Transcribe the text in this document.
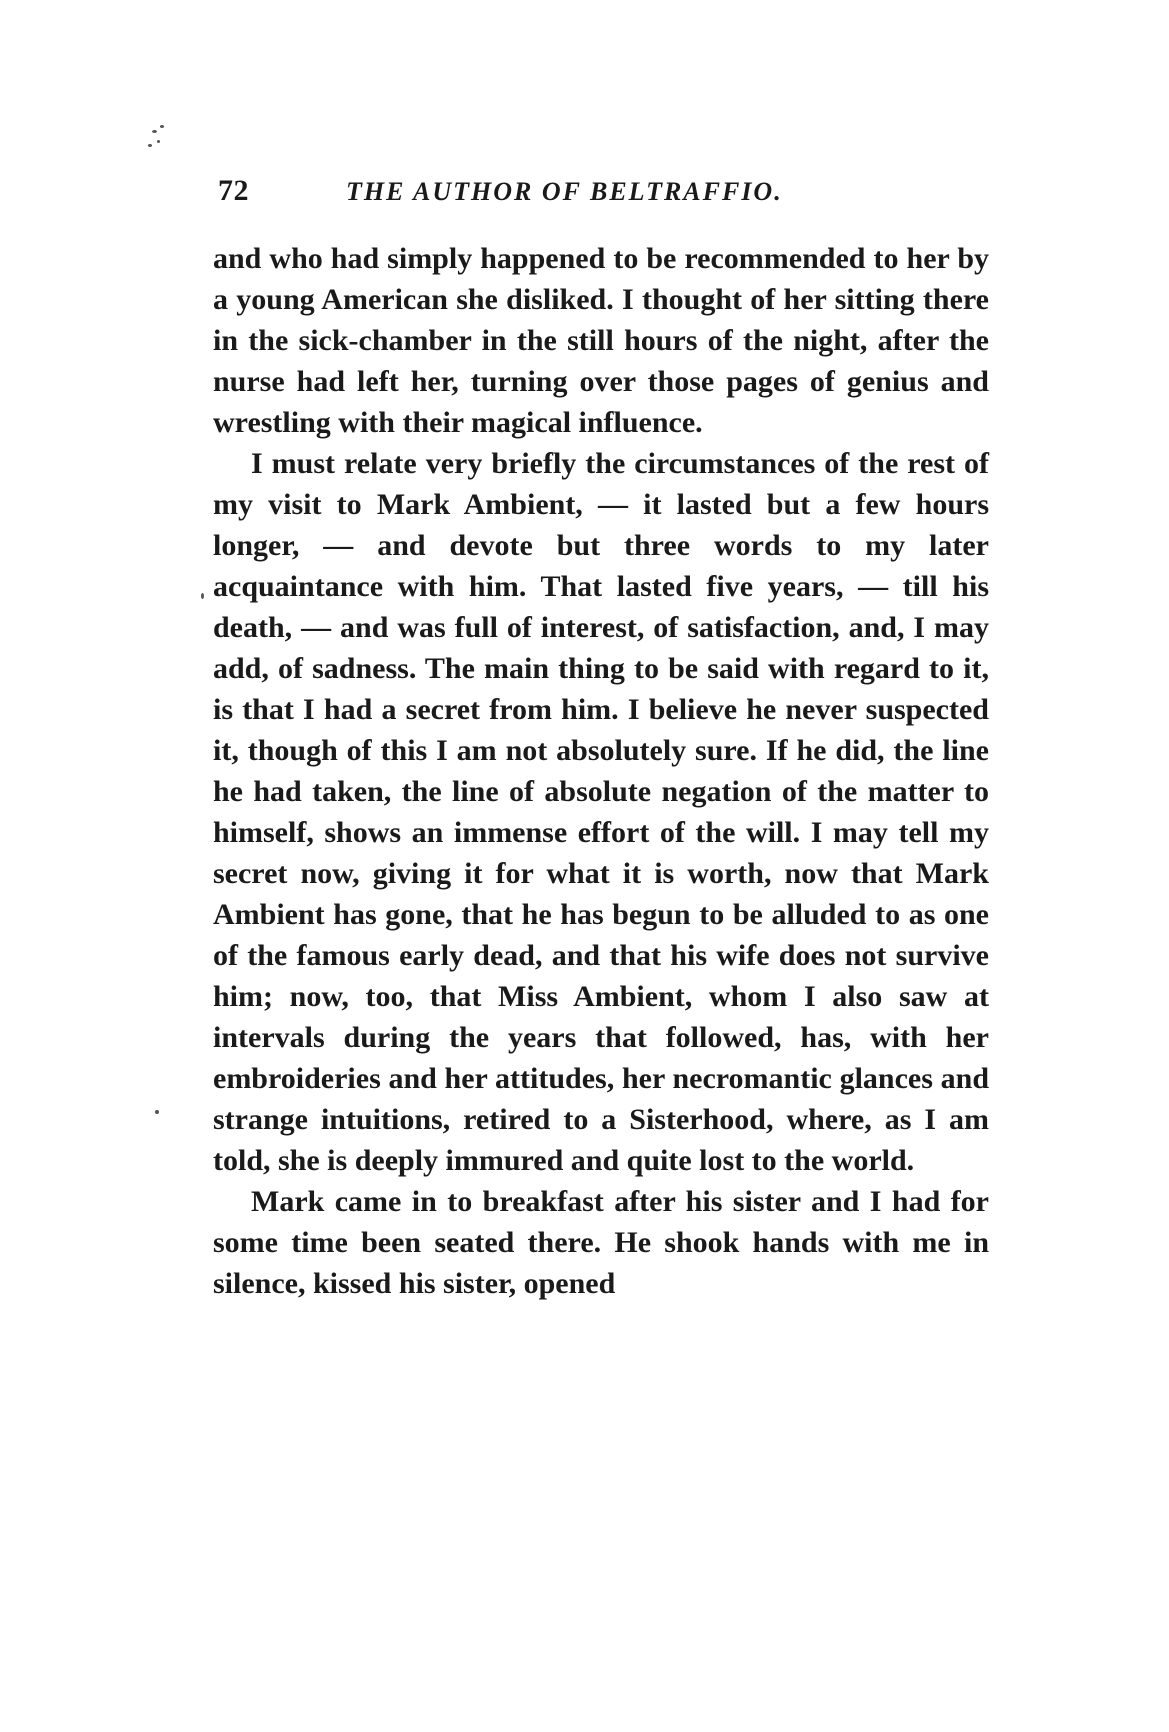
72	THE AUTHOR OF BELTRAFFIO.

and who had simply happened to be recommended to her by a young American she disliked. I thought of her sitting there in the sick-chamber in the still hours of the night, after the nurse had left her, turning over those pages of genius and wrestling with their magical influence.

I must relate very briefly the circumstances of the rest of my visit to Mark Ambient, — it lasted but a few hours longer, — and devote but three words to my later acquaintance with him. That lasted five years, — till his death, — and was full of interest, of satisfaction, and, I may add, of sadness. The main thing to be said with regard to it, is that I had a secret from him. I believe he never suspected it, though of this I am not absolutely sure. If he did, the line he had taken, the line of absolute negation of the matter to himself, shows an immense effort of the will. I may tell my secret now, giving it for what it is worth, now that Mark Ambient has gone, that he has begun to be alluded to as one of the famous early dead, and that his wife does not survive him; now, too, that Miss Ambient, whom I also saw at intervals during the years that followed, has, with her embroideries and her attitudes, her necromantic glances and strange intuitions, retired to a Sisterhood, where, as I am told, she is deeply immured and quite lost to the world.

Mark came in to breakfast after his sister and I had for some time been seated there. He shook hands with me in silence, kissed his sister, opened
